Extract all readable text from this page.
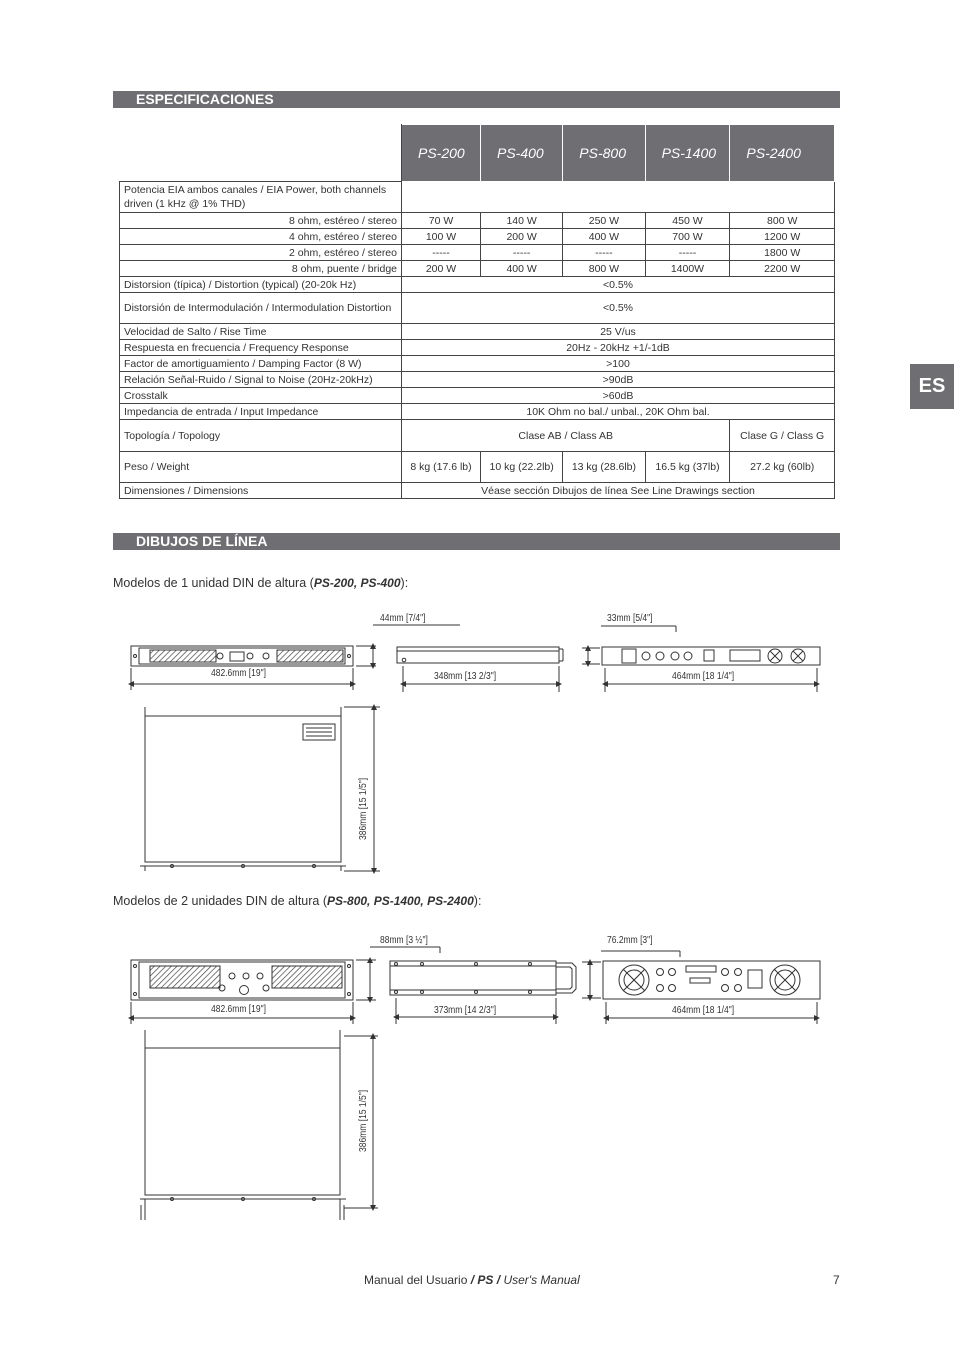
ESPECIFICACIONES
ES
	PS-200	PS-400	PS-800	PS-1400	PS-2400
Potencia EIA ambos canales / EIA Power, both channels driven (1 kHz @ 1% THD)					
8 ohm, estéreo / stereo	70 W	140 W	250 W	450 W	800 W
4 ohm, estéreo / stereo	100 W	200 W	400 W	700 W	1200 W
2 ohm, estéreo / stereo	-----	-----	-----	-----	1800 W
8 ohm, puente / bridge	200 W	400 W	800 W	1400W	2200 W
Distorsion (típica) / Distortion (typical) (20-20k Hz)	<0.5%				
Distorsión de Intermodulación / Intermodulation Distortion	<0.5%				
Velocidad de Salto / Rise Time	25 V/us				
Respuesta en frecuencia / Frequency Response	20Hz - 20kHz +1/-1dB				
Factor de amortiguamiento / Damping Factor (8 W)	>100				
Relación Señal-Ruido / Signal to Noise (20Hz-20kHz)	>90dB				
Crosstalk	>60dB				
Impedancia de entrada / Input Impedance	10K Ohm no bal./ unbal., 20K Ohm bal.				
Topología / Topology	Clase AB / Class AB				Clase G / Class G
Peso / Weight	8 kg (17.6 lb)	10 kg (22.2lb)	13 kg (28.6lb)	16.5 kg (37lb)	27.2 kg (60lb)
Dimensiones / Dimensions	Véase sección Dibujos de línea See Line Drawings section				
DIBUJOS DE LÍNEA
Modelos de 1 unidad DIN de altura (PS-200, PS-400):
Modelos de 2 unidades DIN de altura (PS-800, PS-1400, PS-2400):
44mm [7/4"]	33mm [5/4"]
482.6mm [19"]	348mm [13 2/3"]	464mm [18 1/4"]
386mm [15 1/5"]
88mm [3 ½"]	76.2mm [3"]
482.6mm [19"]	373mm [14 2/3"]	464mm [18 1/4"]
386mm [15 1/5"]
Manual del Usuario / PS / User's Manual	7
